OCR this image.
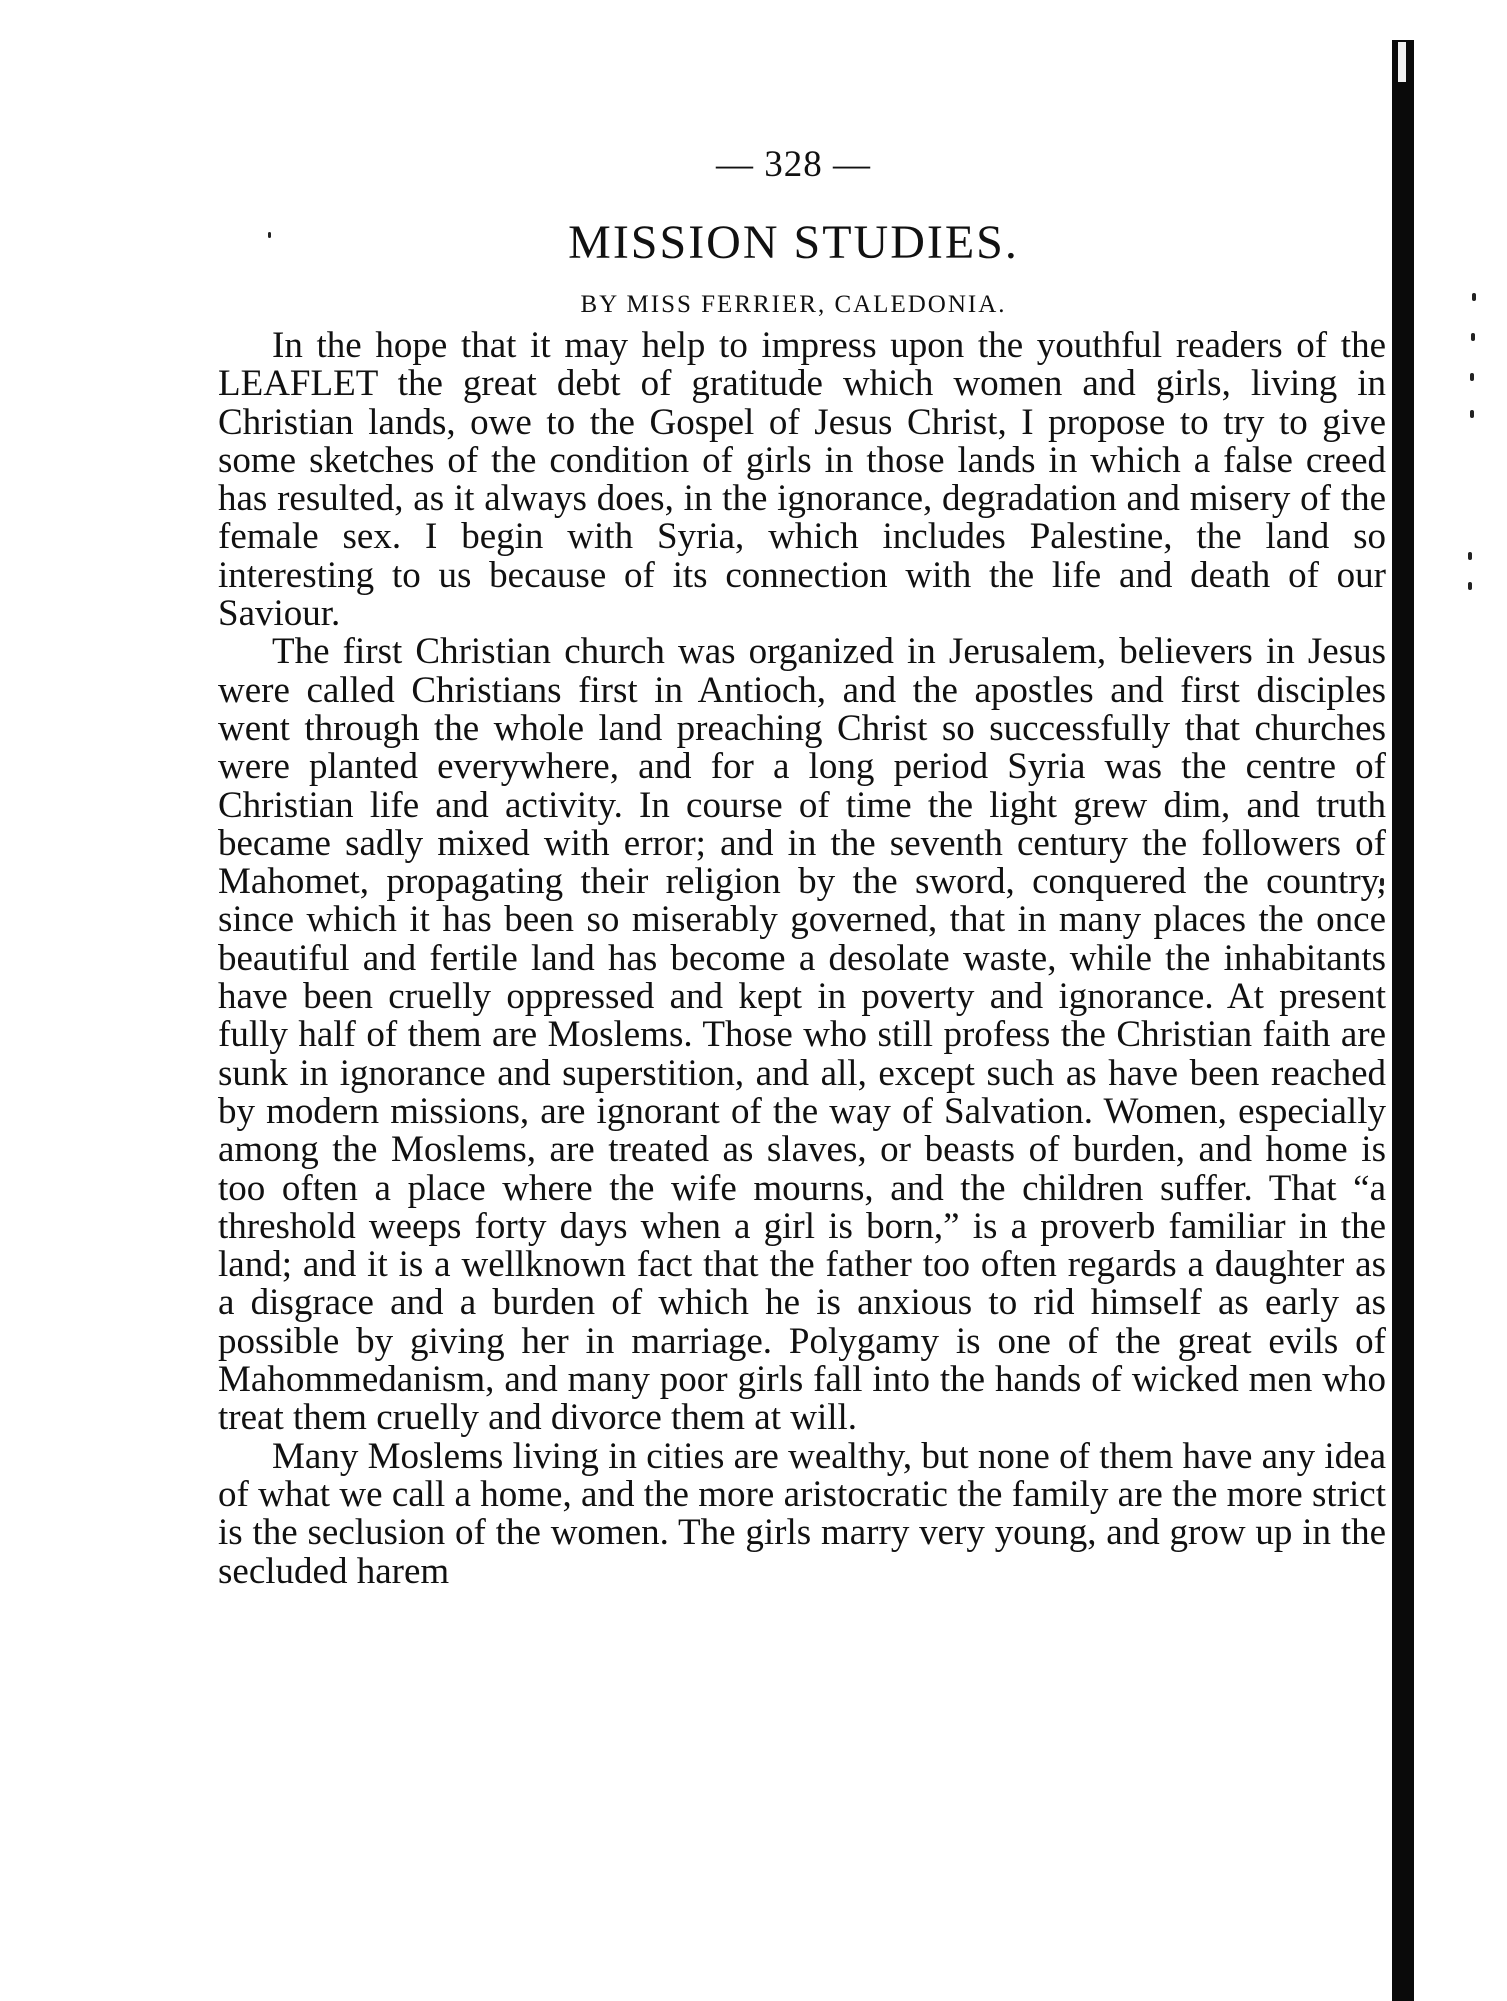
— 328 —
MISSION STUDIES.
BY MISS FERRIER, CALEDONIA.

In the hope that it may help to impress upon the youthful readers of the LEAFLET the great debt of gratitude which women and girls, living in Christian lands, owe to the Gospel of Jesus Christ, I propose to try to give some sketches of the condition of girls in those lands in which a false creed has resulted, as it always does, in the ignorance, degradation and misery of the female sex. I begin with Syria, which includes Palestine, the land so interesting to us because of its connection with the life and death of our Saviour.

The first Christian church was organized in Jerusalem, believers in Jesus were called Christians first in Antioch, and the apostles and first disciples went through the whole land preaching Christ so successfully that churches were planted everywhere, and for a long period Syria was the centre of Christian life and activity. In course of time the light grew dim, and truth became sadly mixed with error; and in the seventh century the followers of Mahomet, propagating their religion by the sword, conquered the country, since which it has been so miserably governed, that in many places the once beautiful and fertile land has become a desolate waste, while the inhabitants have been cruelly oppressed and kept in poverty and ignorance. At present fully half of them are Moslems. Those who still profess the Christian faith are sunk in ignorance and superstition, and all, except such as have been reached by modern missions, are ignorant of the way of Salvation. Women, especially among the Moslems, are treated as slaves, or beasts of burden, and home is too often a place where the wife mourns, and the children suffer. That “a threshold weeps forty days when a girl is born,” is a proverb familiar in the land; and it is a wellknown fact that the father too often regards a daughter as a disgrace and a burden of which he is anxious to rid himself as early as possible by giving her in marriage. Polygamy is one of the great evils of Mahommedanism, and many poor girls fall into the hands of wicked men who treat them cruelly and divorce them at will.

Many Moslems living in cities are wealthy, but none of them have any idea of what we call a home, and the more aristocratic the family are the more strict is the seclusion of the women. The girls marry very young, and grow up in the secluded harem
